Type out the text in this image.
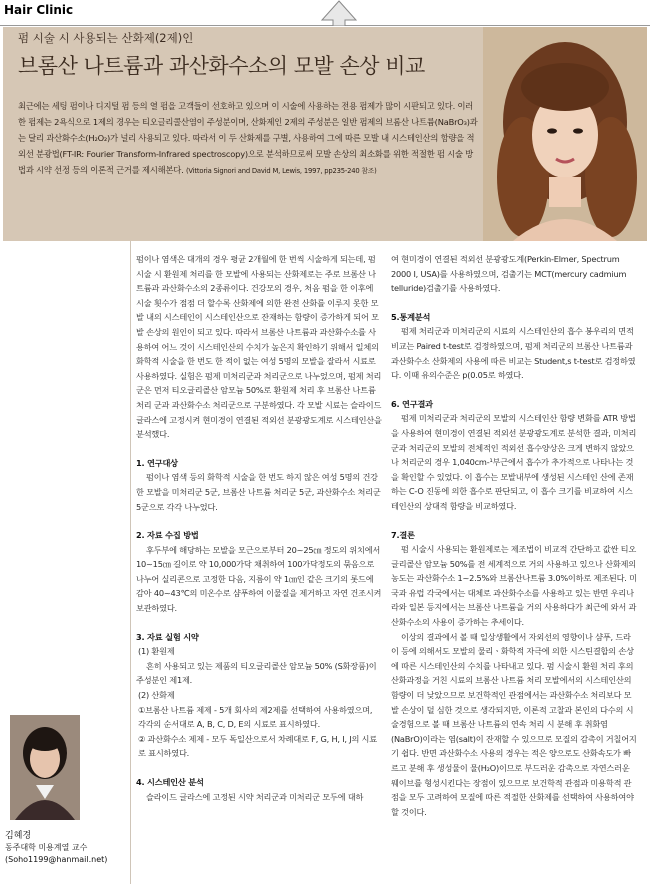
Hair Clinic
펌 시술 시 사용되는 산화제(2제)인
브롬산 나트륨과 과산화수소의 모발 손상 비교
최근에는 세팅 펌이나 디지털 펌 등의 열 펌을 고객들이 선호하고 있으며 이 시술에 사용하는 전용 펌제가 많이 시판되고 있다. 이러한 펌제는 2욕식으로 1제의 경우는 티오글리콜산염이 주성분이며, 산화제인 2제의 주성분은 일반 펌제의 브롬산 나트륨(NaBrO₃)과는 달리 과산화수소(H₂O₂)가 널리 사용되고 있다. 따라서 이 두 산화제를 구별, 사용하여 그에 따른 모발 내 시스테인산의 함량을 적외선 분광법(FT-IR: Fourier Transform-Infrared spectroscopy)으로 분석하므로써 모발 손상의 최소화를 위한 적절한 펌 시술 방법과 시약 선정 등의 이론적 근거를 제시해본다. (Vittoria Signori and David M, Lewis, 1997, pp235-240 참조)
김혜경
동주대학 미용계열 교수
(Soho1199@hanmail.net)

펌이나 염색은 대개의 경우 평균 2개월에 한 번씩 시술하게 되는데, 펌 시술 시 환원제 처리를 한 모발에 사용되는 산화제로는 주로 브롬산 나트륨과 과산화수소의 2종류이다. 건강모의 경우, 처음 펌을 한 이후에 시술 횟수가 점점 더 할수록 산화제에 의한 완전 산화를 이루지 못한 모발 내의 시스테인이 시스테인산으로 잔재하는 함량이 증가하게 되어 모발 손상의 원인이 되고 있다. 따라서 브롬산 나트륨과 과산화수소를 사용하여 어느 것이 시스테인산의 수치가 높은지 확인하기 위해서 일체의 화학적 시술을 한 번도 한 적이 없는 여성 5명의 모발을 잘라서 시료로 사용하였다. 실험은 펌제 미처리군과 처리군으로 나누었으며, 펌제 처리군은 먼저 티오글리콜산 암모늄 50%로 환원제 처리 후 브롬산 나트륨 처리 군과 과산화수소 처리군으로 구분하였다. 각 모발 시료는 슬라이드 글라스에 고정시켜 현미경이 연결된 적외선 분광광도계로 시스테인산을 분석했다.

1. 연구대상

펌이나 염색 등의 화학적 시술을 한 번도 하지 않은 여성 5명의 건강한 모발을 미처리군 5군, 브롬산 나트륨 처리군 5군, 과산화수소 처리군 5군으로 각각 나누었다.

2. 자료 수집 방법

후두부에 해당하는 모발을 모근으로부터 20~25㎝ 정도의 위치에서 10~15㎝ 길이로 약 10,000가닥 채취하여 100가닥정도의 묶음으로 나누어 실리콘으로 고정한 다음, 지름이 약 1㎝인 같은 크기의 롯드에 감아 40~43℃의 미온수로 샴푸하여 이물질을 제거하고 자연 건조시켜 보관하였다.

3. 자료 실험 시약

(1) 환원제

흔히 사용되고 있는 제품의 티오글리콜산 암모늄 50% (S화장품)이 주성분인 제1제.

(2) 산화제

①브롬산 나트륨 제제 - 5개 회사의 제2제를 선택하여 사용하였으며, 각각의 순서대로 A, B, C, D, E의 시료로 표시하였다.

② 과산화수소 제제 - 모두 독일산으로서 차례대로 F, G, H, I, J의 시료로 표시하였다.

4. 시스테인산 분석

슬라이드 글라스에 고정된 시약 처리군과 미처리군 모두에 대하

여 현미경이 연결된 적외선 분광광도계(Perkin-Elmer, Spectrum 2000 I, USA)를 사용하였으며, 검출기는 MCT(mercury cadmium telluride)검출기를 사용하였다.

5.통계분석

펌제 처리군과 미처리군의 시료의 시스테인산의 흡수 봉우리의 면적 비교는 Paired t-test로 검정하였으며, 펌제 처리군의 브롬산 나트륨과 과산화수소 산화제의 사용에 따른 비교는 Student,s t-test로 검정하였다. 이때 유의수준은 p(0.05로 하였다.

6. 연구결과

펌제 미처리군과 처리군의 모발의 시스테인산 함량 변화를 ATR 방법을 사용하여 현미경이 연결된 적외선 분광광도계로 분석한 결과, 미처리군과 처리군의 모발의 전체적인 적외선 흡수양상은 크게 변하지 않았으나 처리군의 경우 1,040cm-¹부근에서 흡수가 추가적으로 나타나는 것을 확인할 수 있었다. 이 흡수는 모발내부에 생성된 시스테인 산에 존재하는 C-O 진동에 의한 흡수로 판단되고, 이 흡수 크기를 비교하여 시스테인산의 상대적 함량을 비교하였다.

7.결론

펌 시술시 사용되는 환원제로는 제조법이 비교적 간단하고 값싼 티오글리콜산 암모늄 50%를 전 세계적으로 거의 사용하고 있으나 산화제의 농도는 과산화수소 1~2.5%와 브롬산나트륨 3.0%이하로 제조된다. 미국과 유럽 각국에서는 대체로 과산화수소를 사용하고 있는 반면 우리나라와 일본 등지에서는 브롬산 나트륨을 거의 사용하다가 최근에 와서 과산화수소의 사용이 증가하는 추세이다.

이상의 결과에서 볼 때 일상생활에서 자외선의 영향이나 샴푸, 드라이 등에 의해서도 모발의 물리ㆍ화학적 자극에 의한 시스틴결합의 손상에 따른 시스테인산의 수치를 나타내고 있다. 펌 시술시 환원 처리 후의 산화과정을 거친 시료의 브롬산 나트륨 처리 모발에서의 시스테인산의 함량이 더 낮았으므로 보건학적인 관점에서는 과산화수소 처리보다 모발 손상이 덜 심한 것으로 생각되지만, 이론적 고찰과 본인의 다수의 시술경험으로 볼 때 브롬산 나트륨의 연속 처리 시 분해 후 취화염(NaBrO)이라는 염(salt)이 잔재할 수 있으므로 모질의 감촉이 거칠어지기 쉽다. 반면 과산화수소 사용의 경우는 적은 양으로도 산화속도가 빠르고 분해 후 생성물이 물(H₂O)이므로 부드러운 감촉으로 자연스러운 웨이브를 형성시킨다는 장점이 있으므로 보건학적 관점과 미용학적 관점을 모두 고려하여 모질에 따른 적절한 산화제를 선택하여 사용하여야 할 것이다.
